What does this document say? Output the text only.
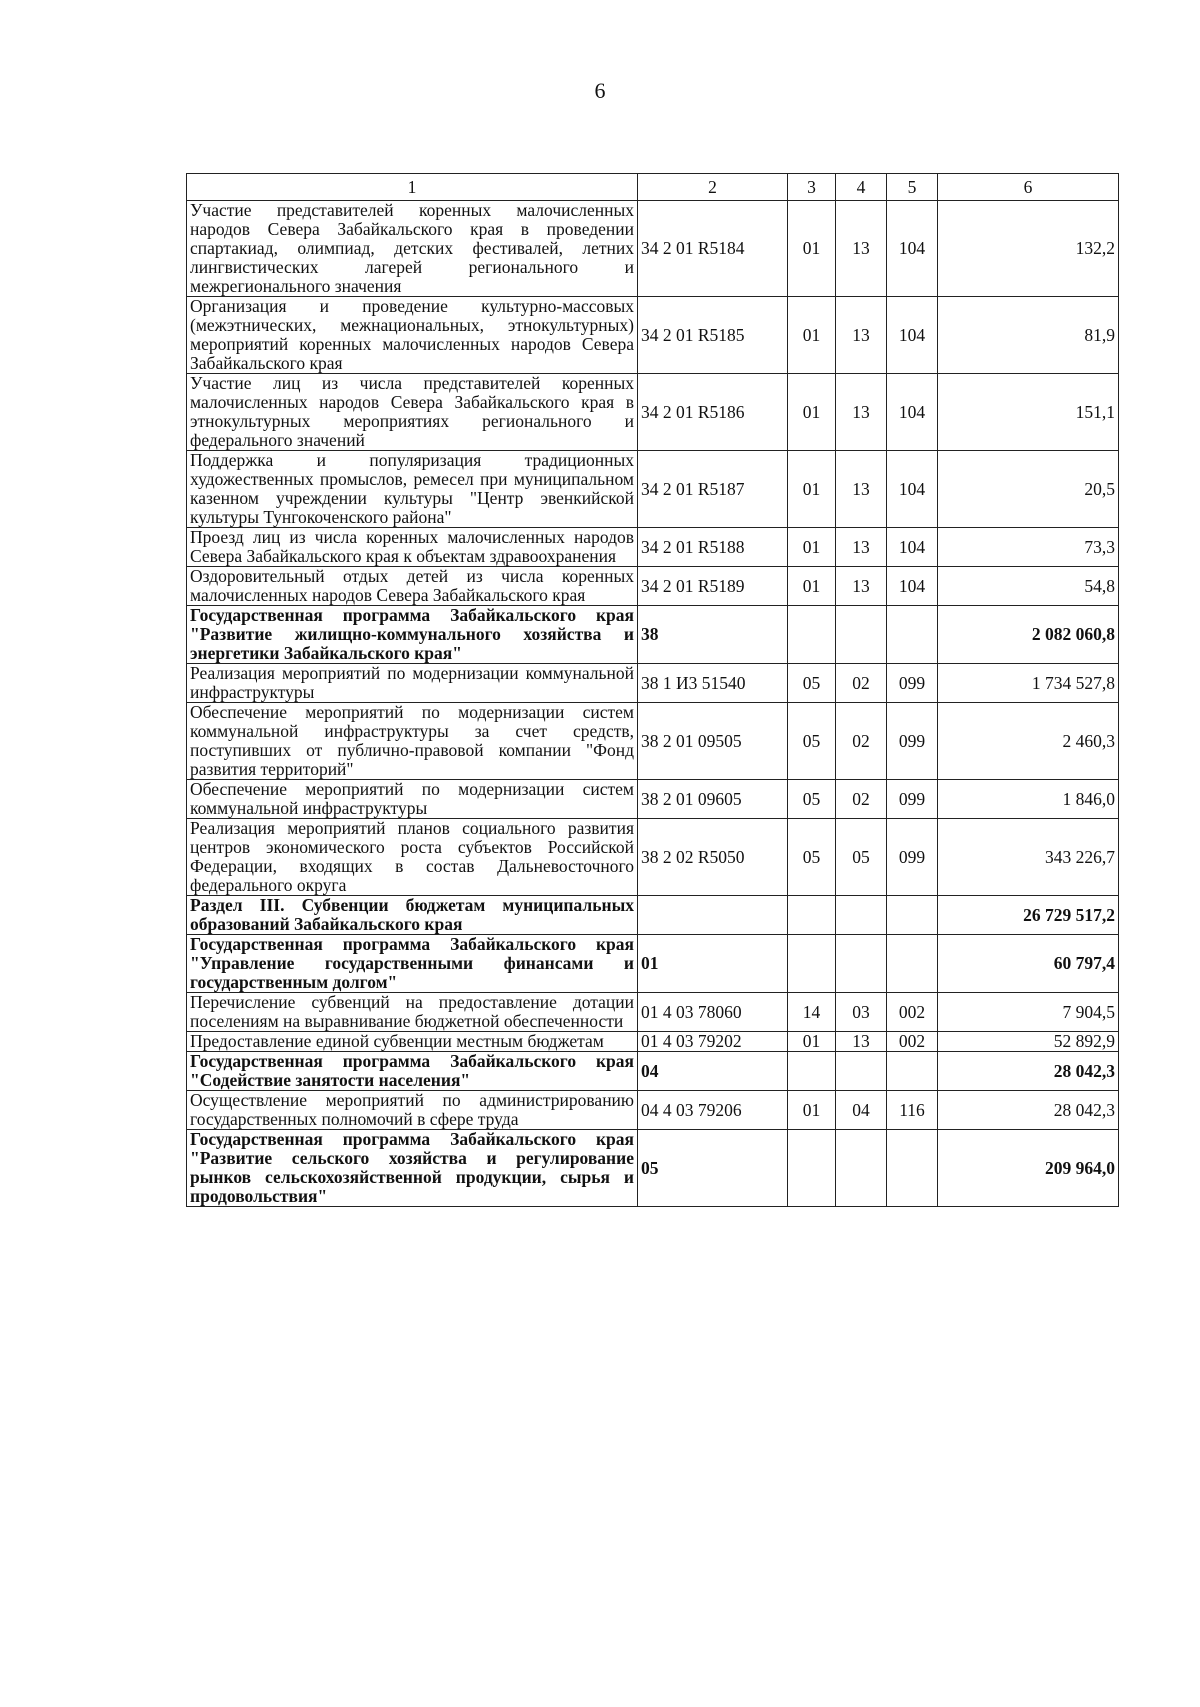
6
1	2	3	4	5	6
Участие представителей коренных малочисленных народов Севера Забайкальского края в проведении спартакиад, олимпиад, детских фестивалей, летних лингвистических лагерей регионального и межрегионального значения	34 2 01 R5184	01	13	104	132,2
Организация и проведение культурно-массовых (межэтнических, межнациональных, этнокультурных) мероприятий коренных малочисленных народов Севера Забайкальского края	34 2 01 R5185	01	13	104	81,9
Участие лиц из числа представителей коренных малочисленных народов Севера Забайкальского края в этнокультурных мероприятиях регионального и федерального значений	34 2 01 R5186	01	13	104	151,1
Поддержка и популяризация традиционных художественных промыслов, ремесел при муниципальном казенном учреждении культуры "Центр эвенкийской культуры Тунгокоченского района"	34 2 01 R5187	01	13	104	20,5
Проезд лиц из числа коренных малочисленных народов Севера Забайкальского края к объектам здравоохранения	34 2 01 R5188	01	13	104	73,3
Оздоровительный отдых детей из числа коренных малочисленных народов Севера Забайкальского края	34 2 01 R5189	01	13	104	54,8
Государственная программа Забайкальского края "Развитие жилищно-коммунального хозяйства и энергетики Забайкальского края"	38				2 082 060,8
Реализация мероприятий по модернизации коммунальной инфраструктуры	38 1 И3 51540	05	02	099	1 734 527,8
Обеспечение мероприятий по модернизации систем коммунальной инфраструктуры за счет средств, поступивших от публично-правовой компании "Фонд развития территорий"	38 2 01 09505	05	02	099	2 460,3
Обеспечение мероприятий по модернизации систем коммунальной инфраструктуры	38 2 01 09605	05	02	099	1 846,0
Реализация мероприятий планов социального развития центров экономического роста субъектов Российской Федерации, входящих в состав Дальневосточного федерального округа	38 2 02 R5050	05	05	099	343 226,7
Раздел III. Субвенции бюджетам муниципальных образований Забайкальского края					26 729 517,2
Государственная программа Забайкальского края "Управление государственными финансами и государственным долгом"	01				60 797,4
Перечисление субвенций на предоставление дотации поселениям на выравнивание бюджетной обеспеченности	01 4 03 78060	14	03	002	7 904,5
Предоставление единой субвенции местным бюджетам	01 4 03 79202	01	13	002	52 892,9
Государственная программа Забайкальского края "Содействие занятости населения"	04				28 042,3
Осуществление мероприятий по администрированию государственных полномочий в сфере труда	04 4 03 79206	01	04	116	28 042,3
Государственная программа Забайкальского края "Развитие сельского хозяйства и регулирование рынков сельскохозяйственной продукции, сырья и продовольствия"	05				209 964,0
